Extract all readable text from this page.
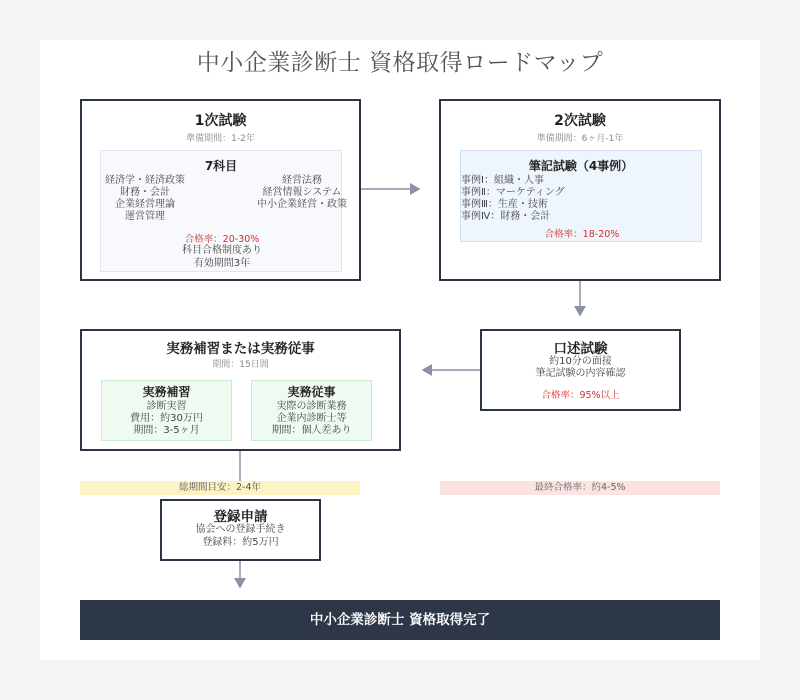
中小企業診断士 資格取得ロードマップ
1次試験
準備期間：1-2年
7科目
経済学・経済政策
財務・会計
企業経営理論
運営管理
経営法務
経営情報システム
中小企業経営・政策
合格率：20-30%
科目合格制度あり
有効期間3年
2次試験
準備期間：6ヶ月-1年
筆記試験（4事例）
事例Ⅰ：組織・人事
事例Ⅱ：マーケティング
事例Ⅲ：生産・技術
事例Ⅳ：財務・会計
合格率：18-20%
口述試験
約10分の面接
筆記試験の内容確認
合格率：95%以上
実務補習または実務従事
期間：15日間
実務補習
診断実習
費用：約30万円
期間：3-5ヶ月
実務従事
実際の診断業務
企業内診断士等
期間：個人差あり
総期間目安：2-4年	最終合格率：約4-5%
登録申請
協会への登録手続き
登録料：約5万円
中小企業診断士 資格取得完了
